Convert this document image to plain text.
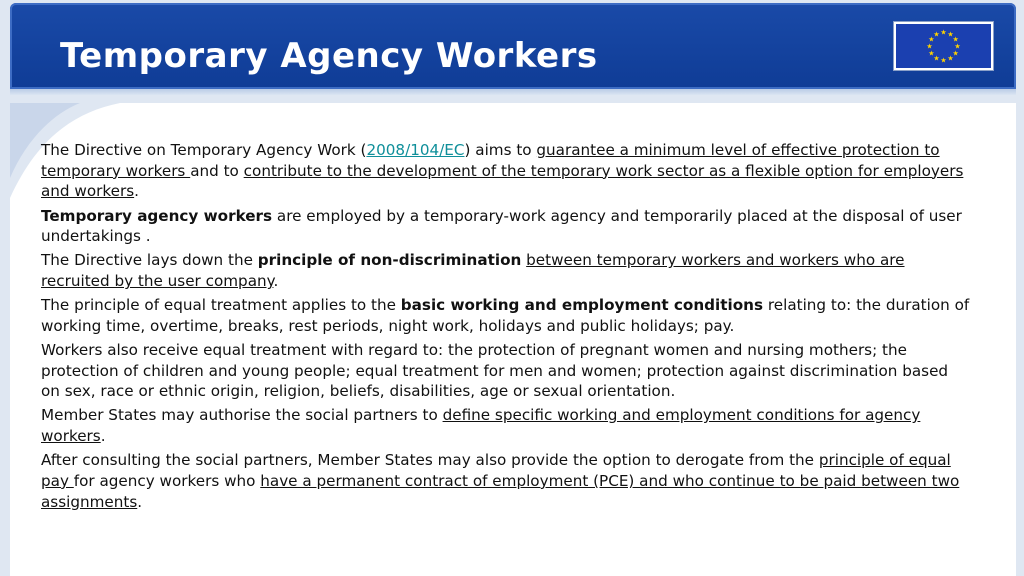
Temporary Agency Workers
★ ★
★
★
★
★
★
★
★
★
★
★

The Directive on Temporary Agency Work (2008/104/EC) aims to guarantee a minimum level of effective protection to temporary workers and to contribute to the development of the temporary work sector as a flexible option for employers and workers.

Temporary agency workers are employed by a temporary-work agency and temporarily placed at the disposal of user undertakings .

The Directive lays down the principle of non-discrimination between temporary workers and workers who are recruited by the user company.

The principle of equal treatment applies to the basic working and employment conditions relating to: the duration of working time, overtime, breaks, rest periods, night work, holidays and public holidays; pay.

Workers also receive equal treatment with regard to: the protection of pregnant women and nursing mothers; the protection of children and young people; equal treatment for men and women; protection against discrimination based on sex, race or ethnic origin, religion, beliefs, disabilities, age or sexual orientation.

Member States may authorise the social partners to define specific working and employment conditions for agency workers.

After consulting the social partners, Member States may also provide the option to derogate from the principle of equal pay for agency workers who have a permanent contract of employment (PCE) and who continue to be paid between two assignments.
